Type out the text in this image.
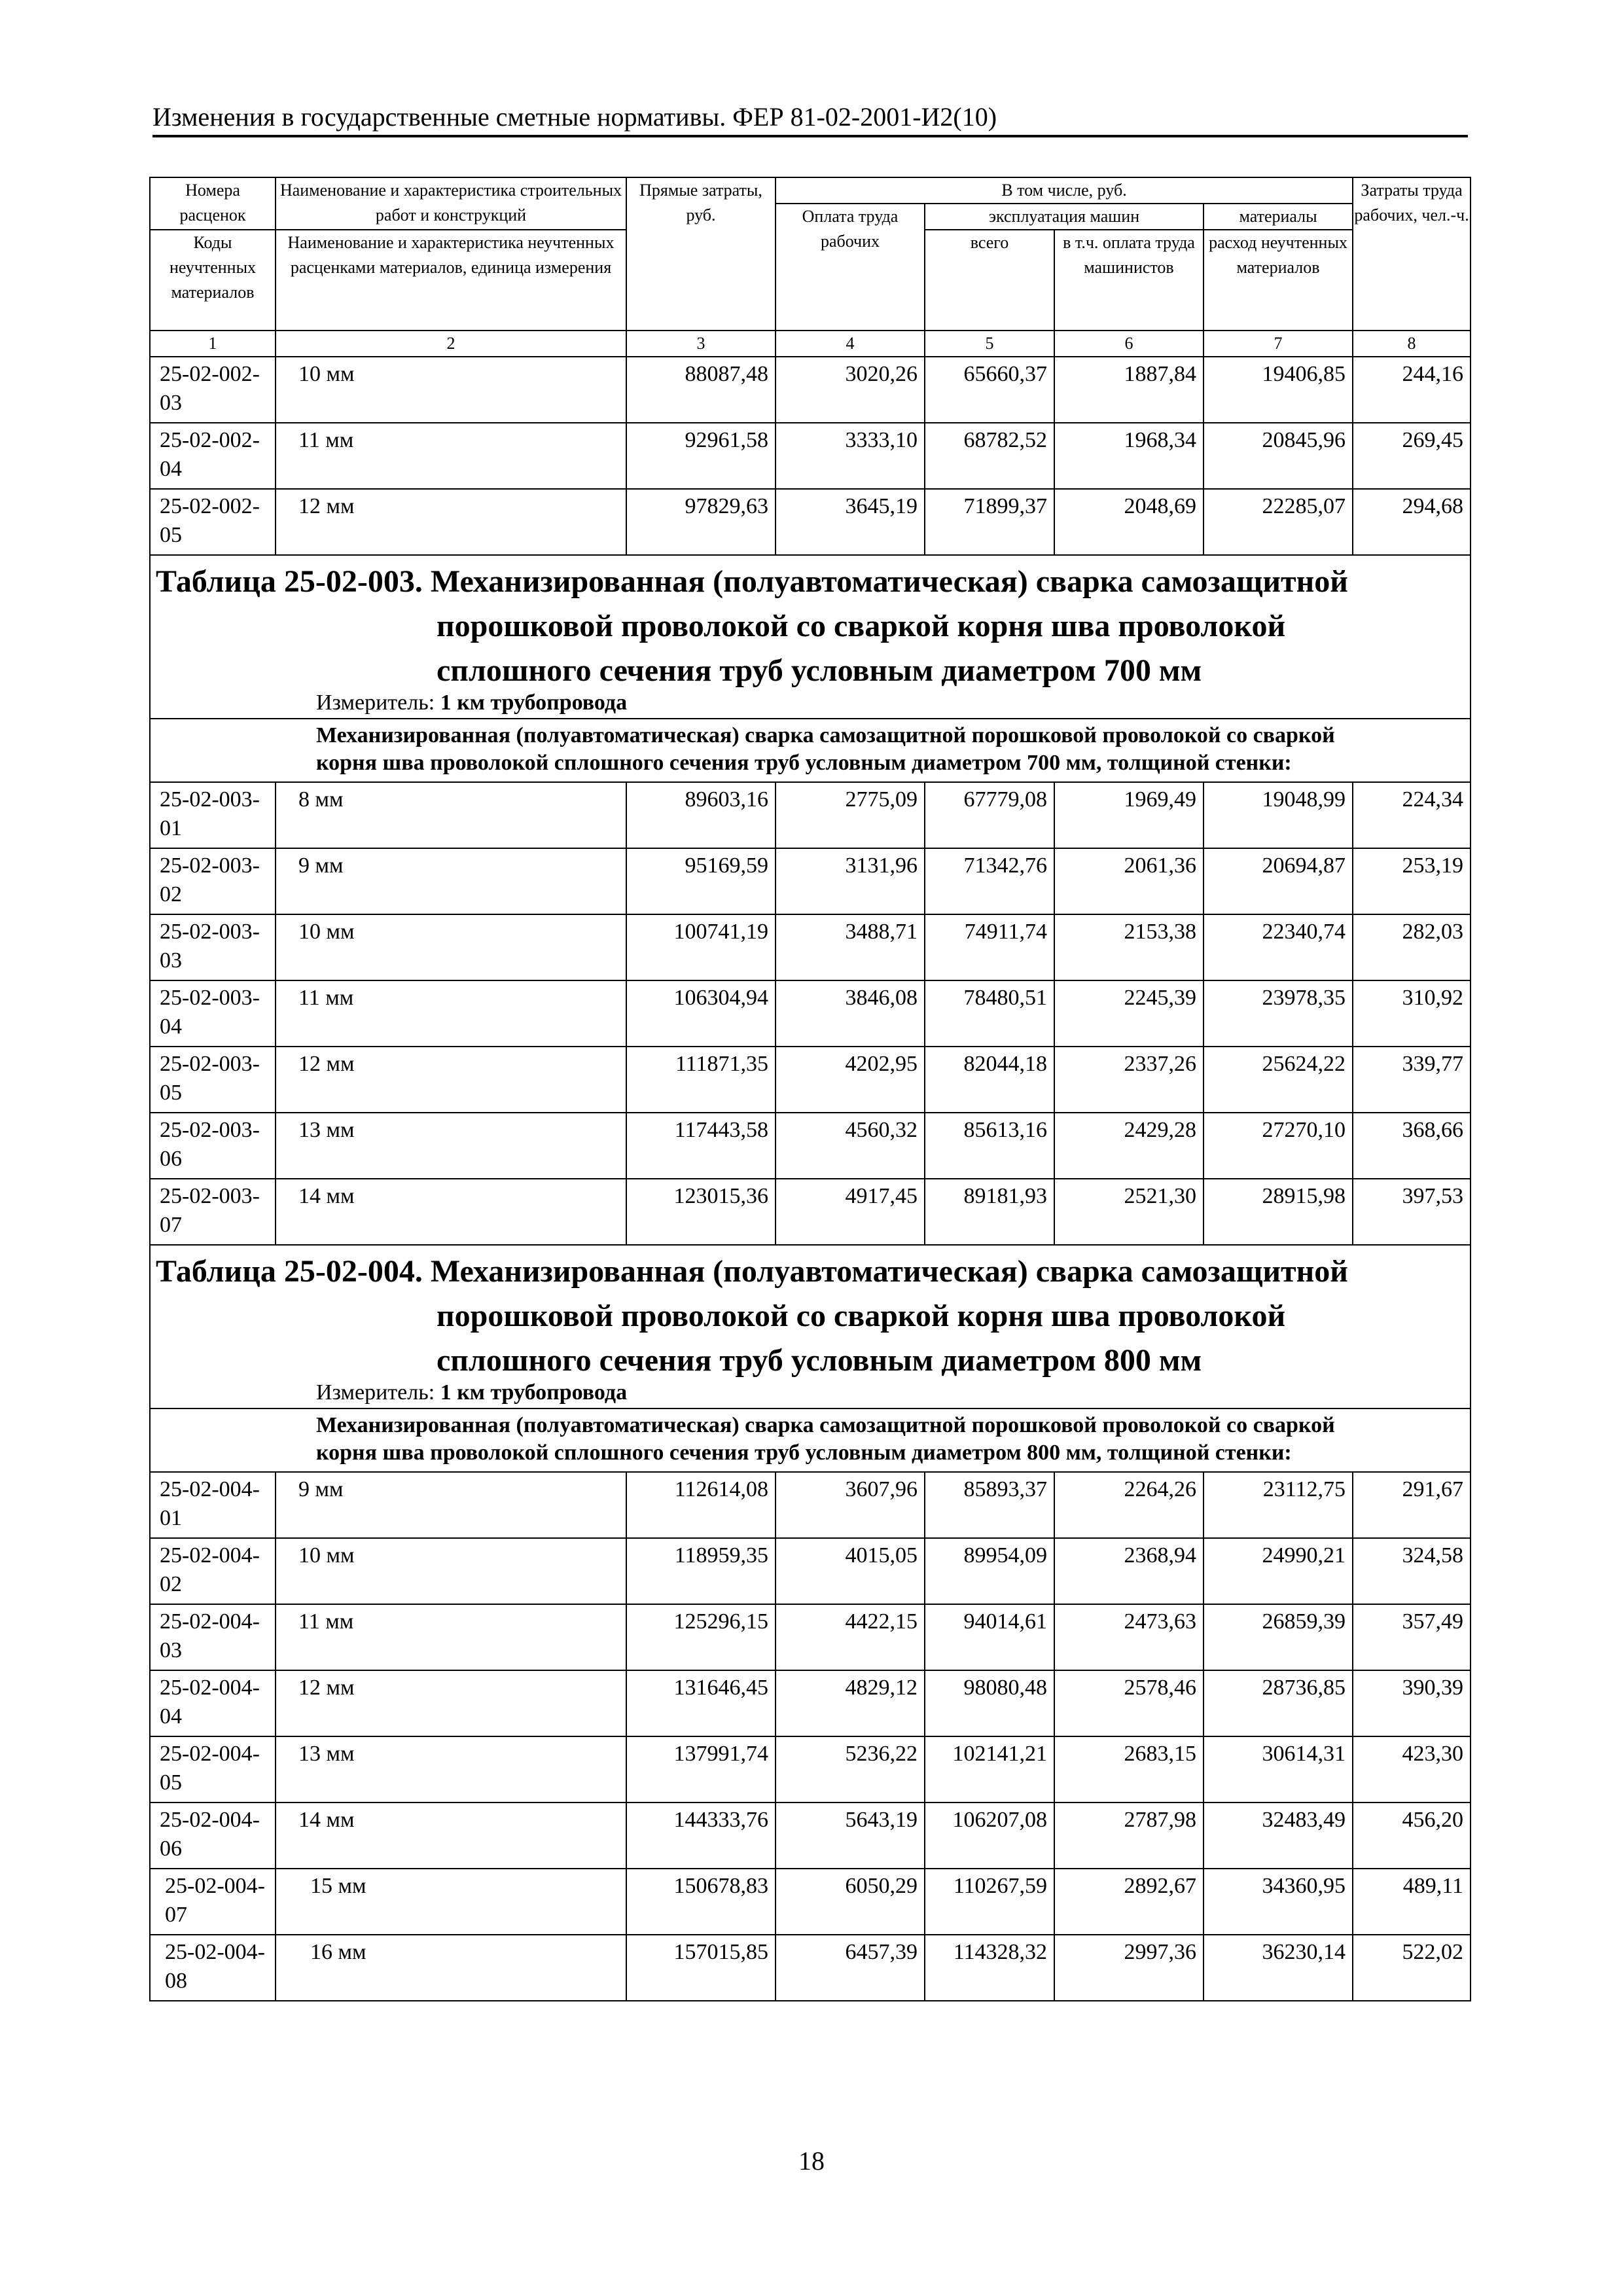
Изменения в государственные сметные нормативы. ФЕР 81-02-2001-И2(10)
Номера расценок	Наименование и характеристика строительных работ и конструкций	Прямые затраты, руб.	В том числе, руб.				Затраты труда рабочих, чел.-ч.
			Оплата труда рабочих	эксплуатация машин		материалы	
Коды неучтенных материалов	Наименование и характеристика неучтенных расценками материалов, единица измерения			всего	в т.ч. оплата труда машинистов	расход неучтенных материалов	

1	2	3	4	5	6	7	8
25-02-002-03	10 мм	88087,48	3020,26	65660,37	1887,84	19406,85	244,16
25-02-002-04	11 мм	92961,58	3333,10	68782,52	1968,34	20845,96	269,45
25-02-002-05	12 мм	97829,63	3645,19	71899,37	2048,69	22285,07	294,68

Таблица 25-02-003. Механизированная (полуавтоматическая) сварка самозащитной
порошковой проволокой со сваркой корня шва проволокой
сплошного сечения труб условным диаметром 700 мм
Измеритель: 1 км трубопровода							

Механизированная (полуавтоматическая) сварка самозащитной порошковой проволокой со сваркой
корня шва проволокой сплошного сечения труб условным диаметром 700 мм, толщиной стенки:							

25-02-003-01	8 мм	89603,16	2775,09	67779,08	1969,49	19048,99	224,34
25-02-003-02	9 мм	95169,59	3131,96	71342,76	2061,36	20694,87	253,19
25-02-003-03	10 мм	100741,19	3488,71	74911,74	2153,38	22340,74	282,03
25-02-003-04	11 мм	106304,94	3846,08	78480,51	2245,39	23978,35	310,92
25-02-003-05	12 мм	111871,35	4202,95	82044,18	2337,26	25624,22	339,77
25-02-003-06	13 мм	117443,58	4560,32	85613,16	2429,28	27270,10	368,66
25-02-003-07	14 мм	123015,36	4917,45	89181,93	2521,30	28915,98	397,53

Таблица 25-02-004. Механизированная (полуавтоматическая) сварка самозащитной
порошковой проволокой со сваркой корня шва проволокой
сплошного сечения труб условным диаметром 800 мм
Измеритель: 1 км трубопровода							

Механизированная (полуавтоматическая) сварка самозащитной порошковой проволокой со сваркой
корня шва проволокой сплошного сечения труб условным диаметром 800 мм, толщиной стенки:							

25-02-004-01	9 мм	112614,08	3607,96	85893,37	2264,26	23112,75	291,67
25-02-004-02	10 мм	118959,35	4015,05	89954,09	2368,94	24990,21	324,58
25-02-004-03	11 мм	125296,15	4422,15	94014,61	2473,63	26859,39	357,49
25-02-004-04	12 мм	131646,45	4829,12	98080,48	2578,46	28736,85	390,39
25-02-004-05	13 мм	137991,74	5236,22	102141,21	2683,15	30614,31	423,30
25-02-004-06	14 мм	144333,76	5643,19	106207,08	2787,98	32483,49	456,20
25-02-004-07	15 мм	150678,83	6050,29	110267,59	2892,67	34360,95	489,11
25-02-004-08	16 мм	157015,85	6457,39	114328,32	2997,36	36230,14	522,02
18
